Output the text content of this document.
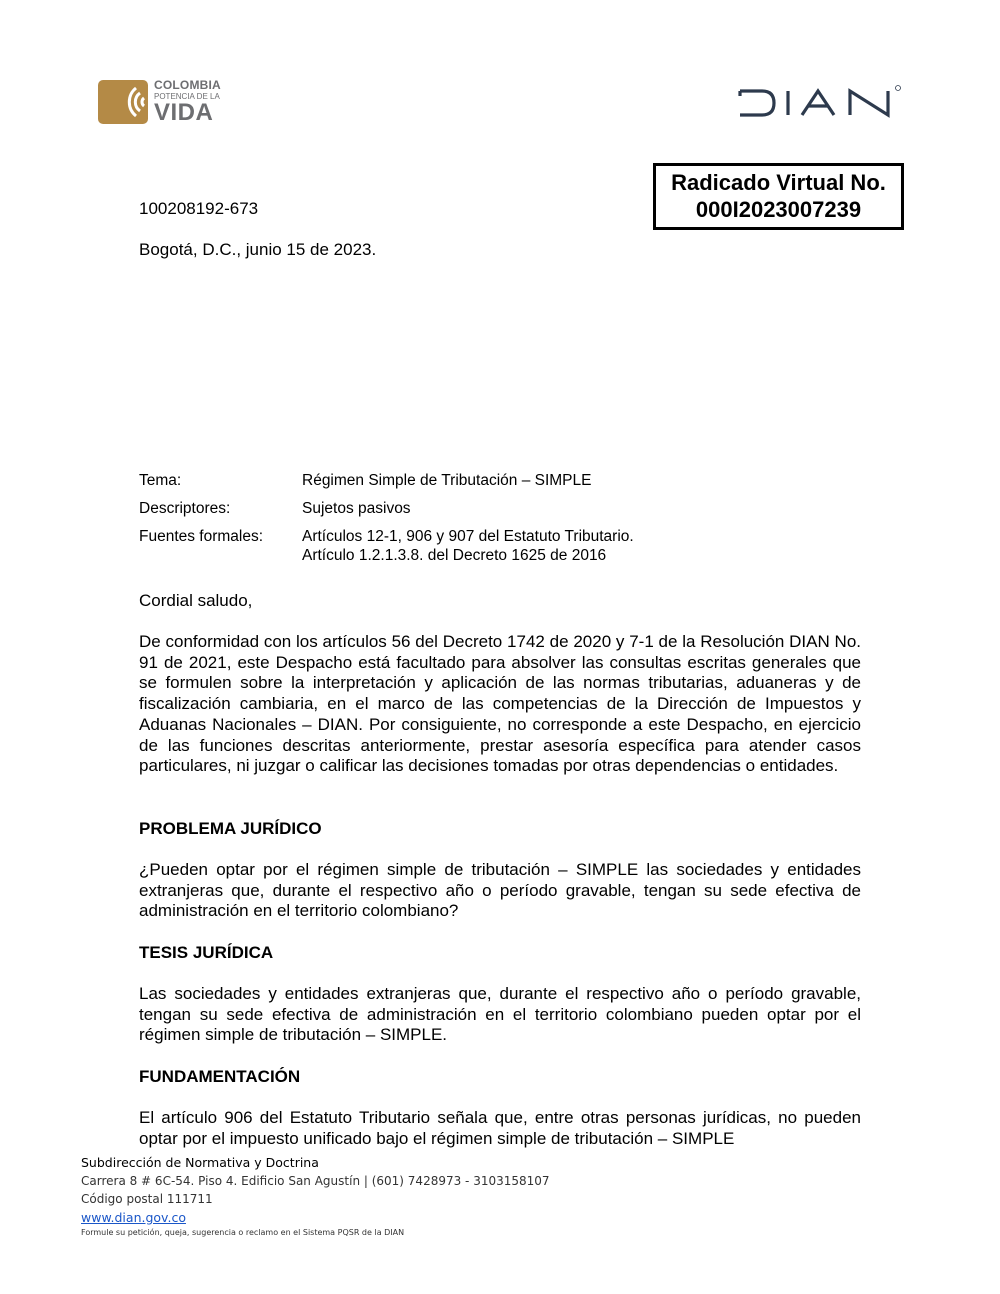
COLOMBIA
POTENCIA DE LA
VIDA
Radicado Virtual No.
000I2023007239
100208192-673
Bogotá, D.C., junio 15 de 2023.
Tema:	Régimen Simple de Tributación – SIMPLE
Descriptores:	Sujetos pasivos
Fuentes formales:	Artículos 12-1, 906 y 907 del Estatuto Tributario.
Artículo 1.2.1.3.8. del Decreto 1625 de 2016
Cordial saludo,
De conformidad con los artículos 56 del Decreto 1742 de 2020 y 7-1 de la Resolución DIAN No. 91 de 2021, este Despacho está facultado para absolver las consultas escritas generales que se formulen sobre la interpretación y aplicación de las normas tributarias, aduaneras y de fiscalización cambiaria, en el marco de las competencias de la Dirección de Impuestos y Aduanas Nacionales – DIAN. Por consiguiente, no corresponde a este Despacho, en ejercicio de las funciones descritas anteriormente, prestar asesoría específica para atender casos particulares, ni juzgar o calificar las decisiones tomadas por otras dependencias o entidades.
PROBLEMA JURÍDICO
¿Pueden optar por el régimen simple de tributación – SIMPLE las sociedades y entidades extranjeras que, durante el respectivo año o período gravable, tengan su sede efectiva de administración en el territorio colombiano?
TESIS JURÍDICA
Las sociedades y entidades extranjeras que, durante el respectivo año o período gravable, tengan su sede efectiva de administración en el territorio colombiano pueden optar por el régimen simple de tributación – SIMPLE.
FUNDAMENTACIÓN
El artículo 906 del Estatuto Tributario señala que, entre otras personas jurídicas, no pueden optar por el impuesto unificado bajo el régimen simple de tributación – SIMPLE
Subdirección de Normativa y Doctrina
Carrera 8 # 6C-54. Piso 4. Edificio San Agustín | (601) 7428973 - 3103158107
Código postal 111711
www.dian.gov.co
Formule su petición, queja, sugerencia o reclamo en el Sistema PQSR de la DIAN
